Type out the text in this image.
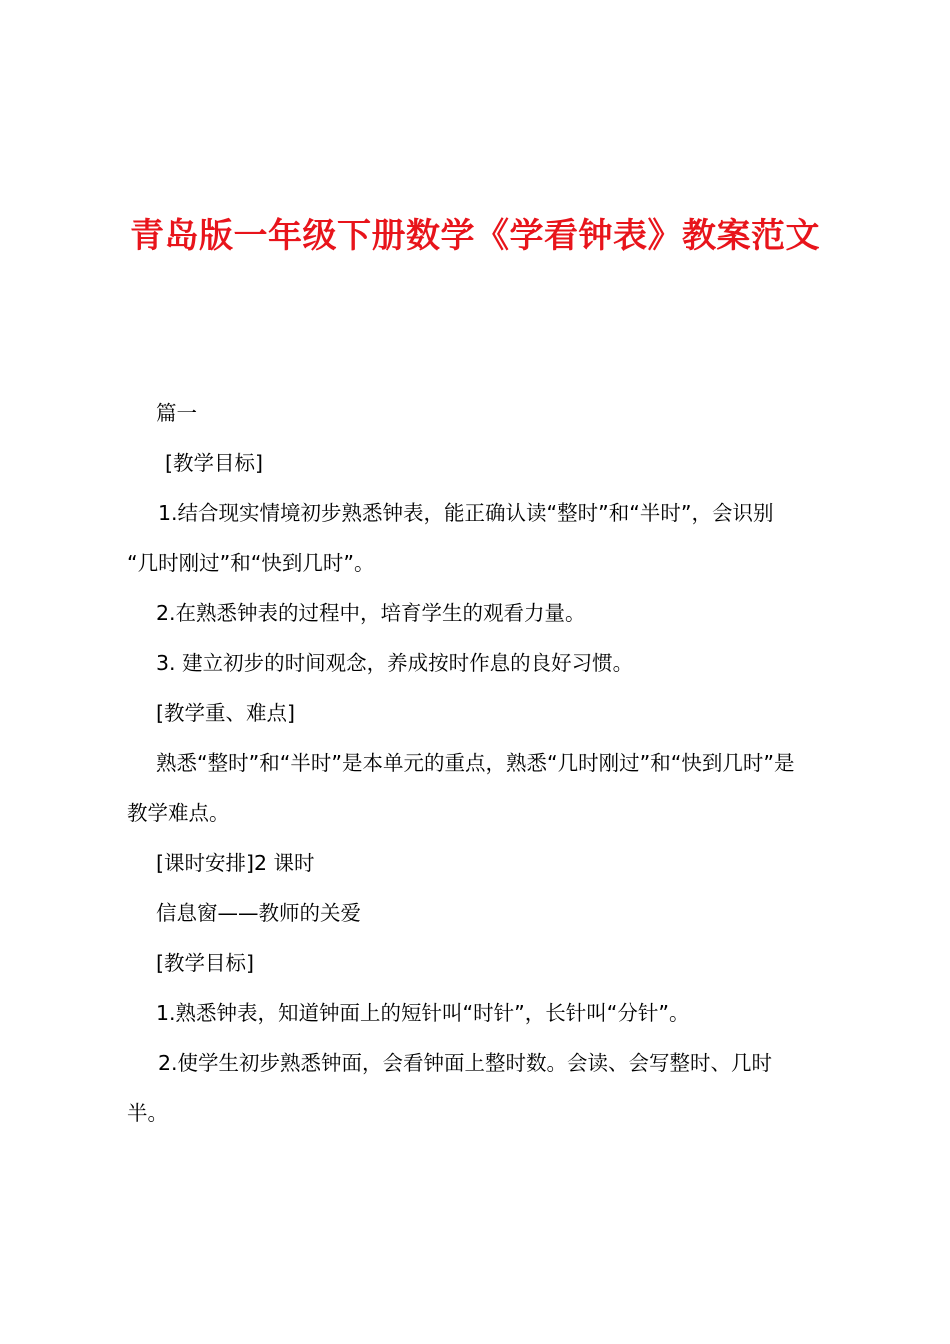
青岛版一年级下册数学《学看钟表》教案范文

篇一

[教学目标]

1.结合现实情境初步熟悉钟表，能正确认读“整时”和“半时”，会识别

“几时刚过”和“快到几时”。

2.在熟悉钟表的过程中，培育学生的观看力量。

3. 建立初步的时间观念，养成按时作息的良好习惯。

[教学重、难点]

熟悉“整时”和“半时”是本单元的重点，熟悉“几时刚过”和“快到几时”是

教学难点。

[课时安排]2 课时

信息窗——教师的关爱

[教学目标]

1.熟悉钟表，知道钟面上的短针叫“时针”，长针叫“分针”。

2.使学生初步熟悉钟面，会看钟面上整时数。会读、会写整时、几时

半。
